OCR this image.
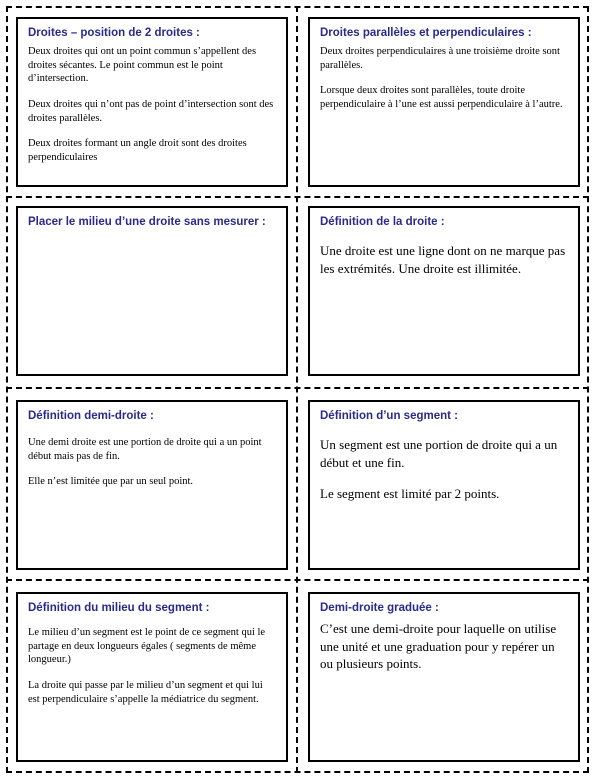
Droites – position de 2 droites :

Deux droites qui ont un point commun s’appellent des droites sécantes. Le point commun est le point d’intersection.

Deux droites qui n’ont pas de point d’intersection sont des droites parallèles.

Deux droites formant un angle droit sont des droites perpendiculaires

Droites parallèles et perpendiculaires :

Deux droites perpendiculaires à une troisième droite sont parallèles.

Lorsque deux droites sont parallèles, toute droite perpendiculaire à l’une est aussi perpendiculaire à l’autre.

Placer le milieu d’une droite sans mesurer :	Définition de la droite :

Une droite est une ligne dont on ne marque pas les extrémités. Une droite est illimitée.

Définition demi-droite :

Une demi droite est une portion de droite qui a un point début mais pas de fin.

Elle n’est limitée que par un seul point.

Définition d’un segment :

Un segment est une portion de droite qui a un début et une fin.

Le segment est limité par 2 points.

Définition du milieu du segment :

Le milieu d’un segment est le point de ce segment qui le partage en deux longueurs égales ( segments de même longueur.)

La droite qui passe par le milieu d’un segment et qui lui est perpendiculaire s’appelle la médiatrice du segment.

Demi-droite graduée :

C’est une demi-droite pour laquelle on utilise une unité et une graduation pour y repérer un ou plusieurs points.
